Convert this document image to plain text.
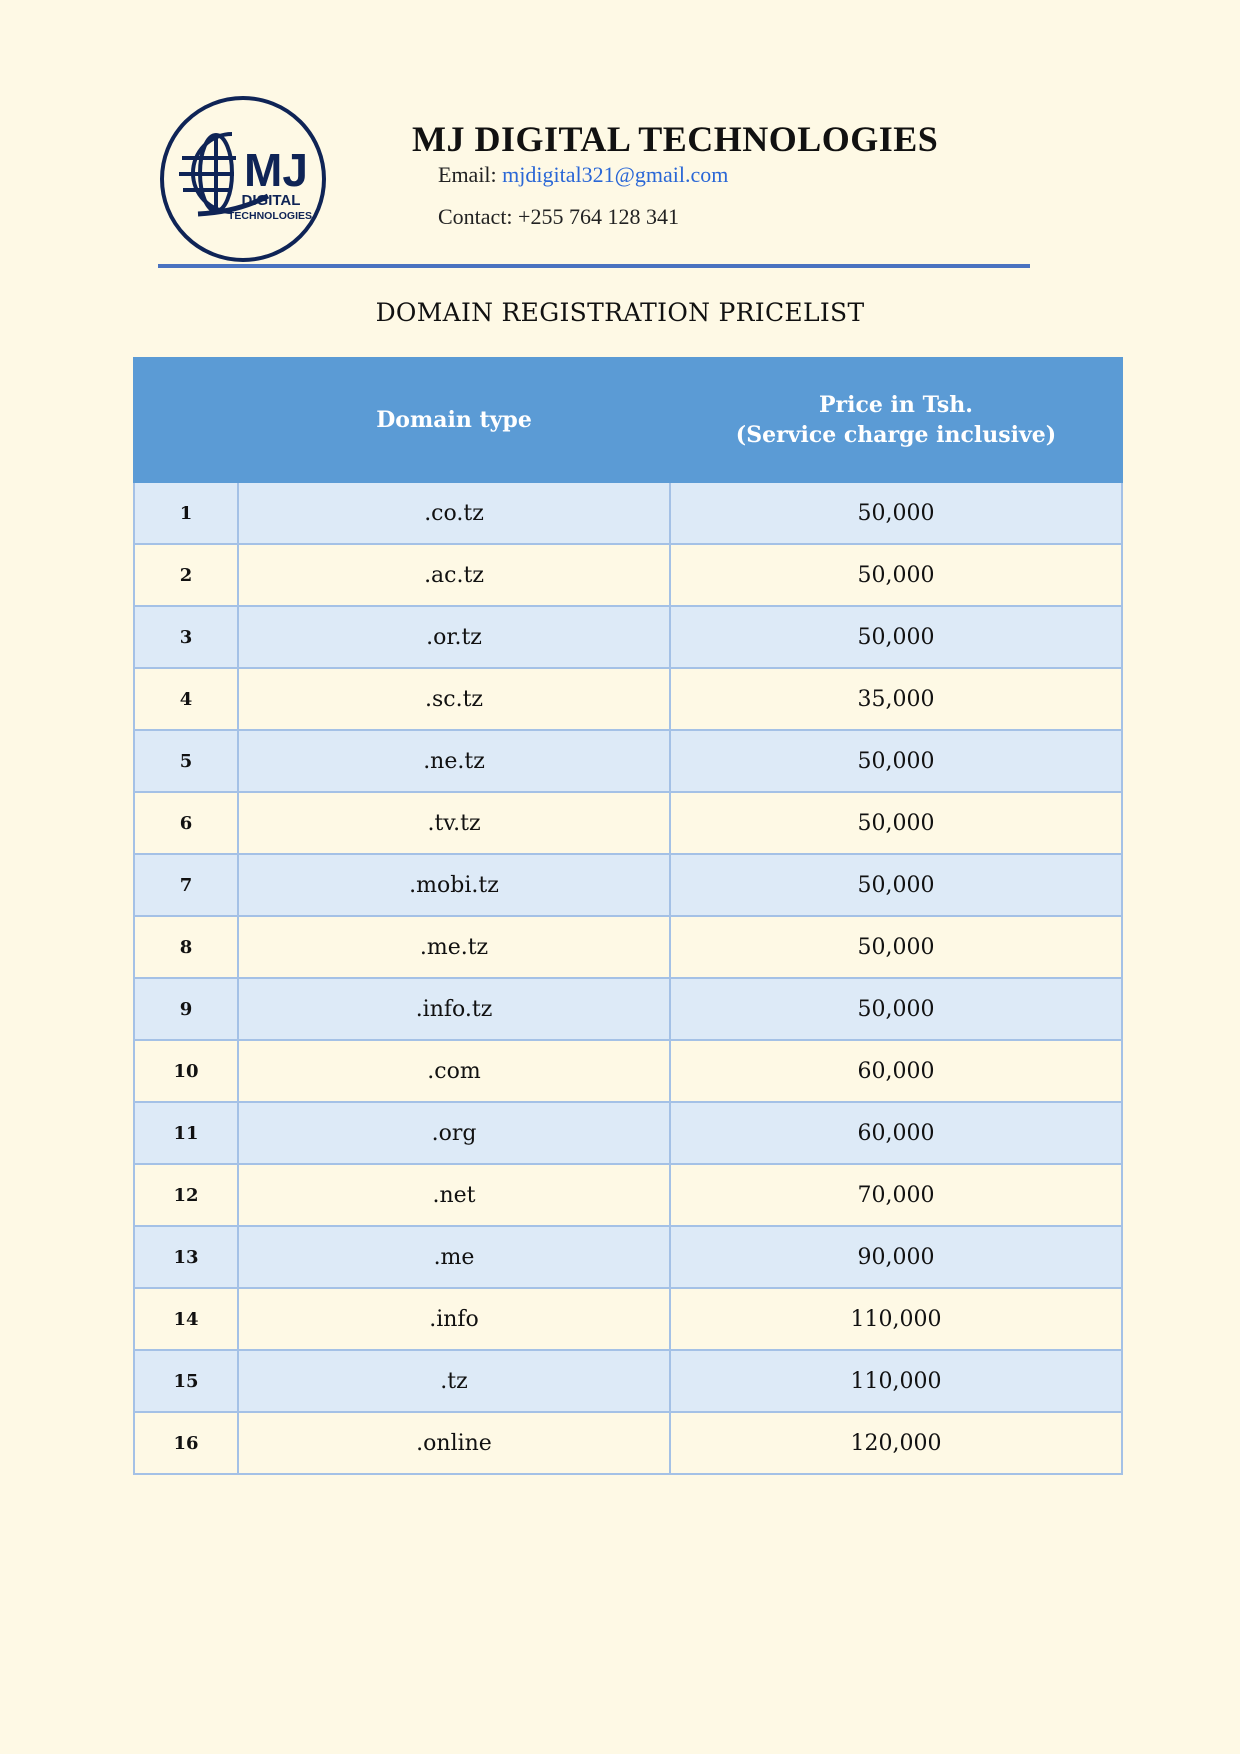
MJ
DIGITAL
TECHNOLOGIES
MJ DIGITAL TECHNOLOGIES
Email: mjdigital321@gmail.com
Contact: +255 764 128 341
DOMAIN REGISTRATION PRICELIST
	Domain type	Price in Tsh.
(Service charge inclusive)
1	.co.tz	50,000
2	.ac.tz	50,000
3	.or.tz	50,000
4	.sc.tz	35,000
5	.ne.tz	50,000
6	.tv.tz	50,000
7	.mobi.tz	50,000
8	.me.tz	50,000
9	.info.tz	50,000
10	.com	60,000
11	.org	60,000
12	.net	70,000
13	.me	90,000
14	.info	110,000
15	.tz	110,000
16	.online	120,000
